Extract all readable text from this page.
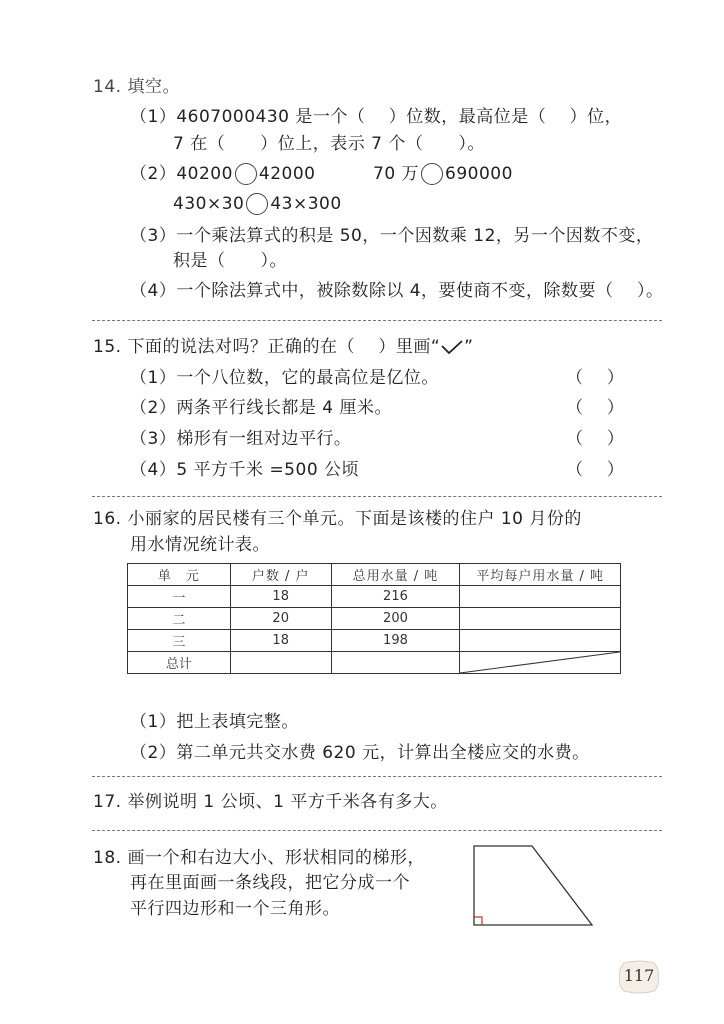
14. 填空。
（1）4607000430 是一个（　 ）位数，最高位是（　 ）位，
7 在（　　）位上，表示 7 个（　　）。
（2）40200 42000	70 万 690000
430×30 43×300
（3）一个乘法算式的积是 50，一个因数乘 12，另一个因数不变，
积是（　　）。
（4）一个除法算式中，被除数除以 4，要使商不变，除数要（　 ）。
15. 下面的说法对吗？正确的在（　 ）里画“ ”
（1）一个八位数，它的最高位是亿位。	（　 ）
（2）两条平行线长都是 4 厘米。	（　 ）
（3）梯形有一组对边平行。	（　 ）
（4）5 平方千米 =500 公顷	（　 ）
16. 小丽家的居民楼有三个单元。下面是该楼的住户 10 月份的
用水情况统计表。
单　元	户数 / 户	总用水量 / 吨	平均每户用水量 / 吨
一	18	216	
二	20	200	
三	18	198	
总计			
（1）把上表填完整。
（2）第二单元共交水费 620 元，计算出全楼应交的水费。
17. 举例说明 1 公顷、1 平方千米各有多大。
18. 画一个和右边大小、形状相同的梯形，
再在里面画一条线段，把它分成一个
平行四边形和一个三角形。
117
